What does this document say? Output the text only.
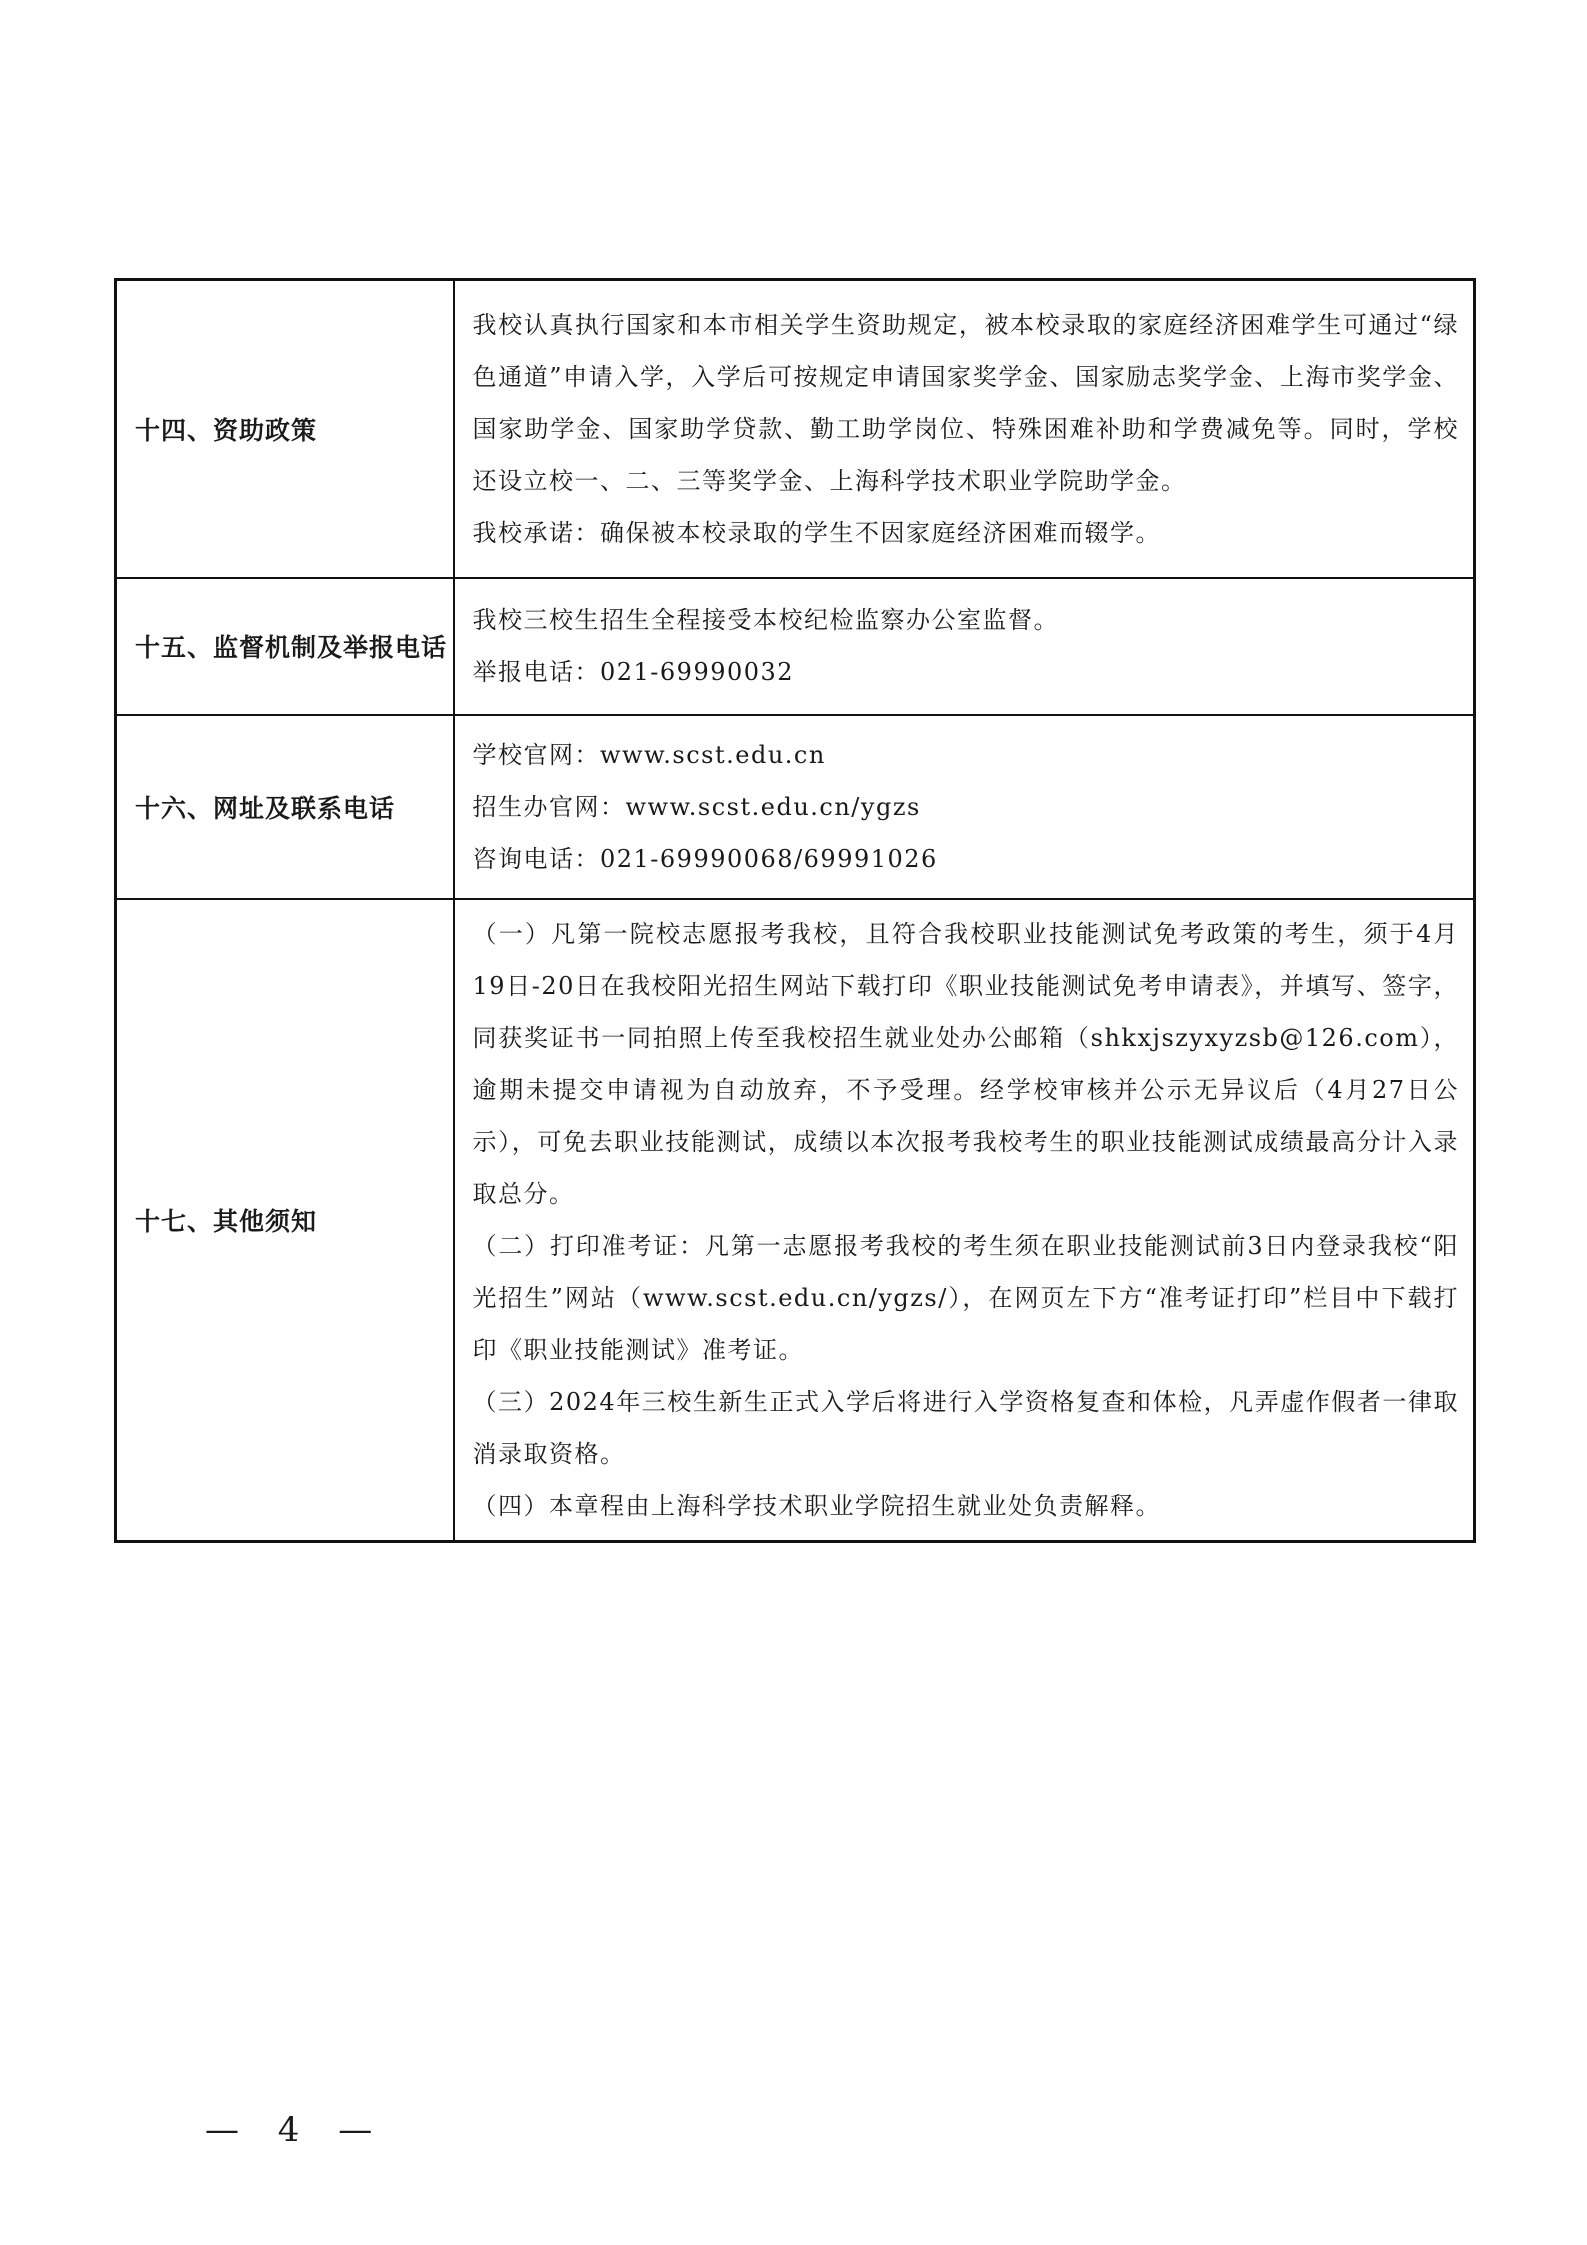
十四、资助政策	我校认真执行国家和本市相关学生资助规定，被本校录取的家庭经济困难学生可通过“绿色通道”申请入学，入学后可按规定申请国家奖学金、国家励志奖学金、上海市奖学金、国家助学金、国家助学贷款、勤工助学岗位、特殊困难补助和学费减免等。同时，学校还设立校一、二、三等奖学金、上海科学技术职业学院助学金。

我校承诺：确保被本校录取的学生不因家庭经济困难而辍学。

十五、监督机制及举报电话	我校三校生招生全程接受本校纪检监察办公室监督。

举报电话：021-69990032

十六、网址及联系电话	学校官网：www.scst.edu.cn

招生办官网：www.scst.edu.cn/ygzs

咨询电话：021-69990068/69991026

十七、其他须知	（一）凡第一院校志愿报考我校，且符合我校职业技能测试免考政策的考生，须于4月19日-20日在我校阳光招生网站下载打印《职业技能测试免考申请表》，并填写、签字，同获奖证书一同拍照上传至我校招生就业处办公邮箱（shkxjszyxyzsb@126.com），逾期未提交申请视为自动放弃，不予受理。经学校审核并公示无异议后（4月27日公示），可免去职业技能测试，成绩以本次报考我校考生的职业技能测试成绩最高分计入录取总分。

（二）打印准考证：凡第一志愿报考我校的考生须在职业技能测试前3日内登录我校“阳光招生”网站（www.scst.edu.cn/ygzs/），在网页左下方“准考证打印”栏目中下载打印《职业技能测试》准考证。

（三）2024年三校生新生正式入学后将进行入学资格复查和体检，凡弄虚作假者一律取消录取资格。

（四）本章程由上海科学技术职业学院招生就业处负责解释。

— 4 —
